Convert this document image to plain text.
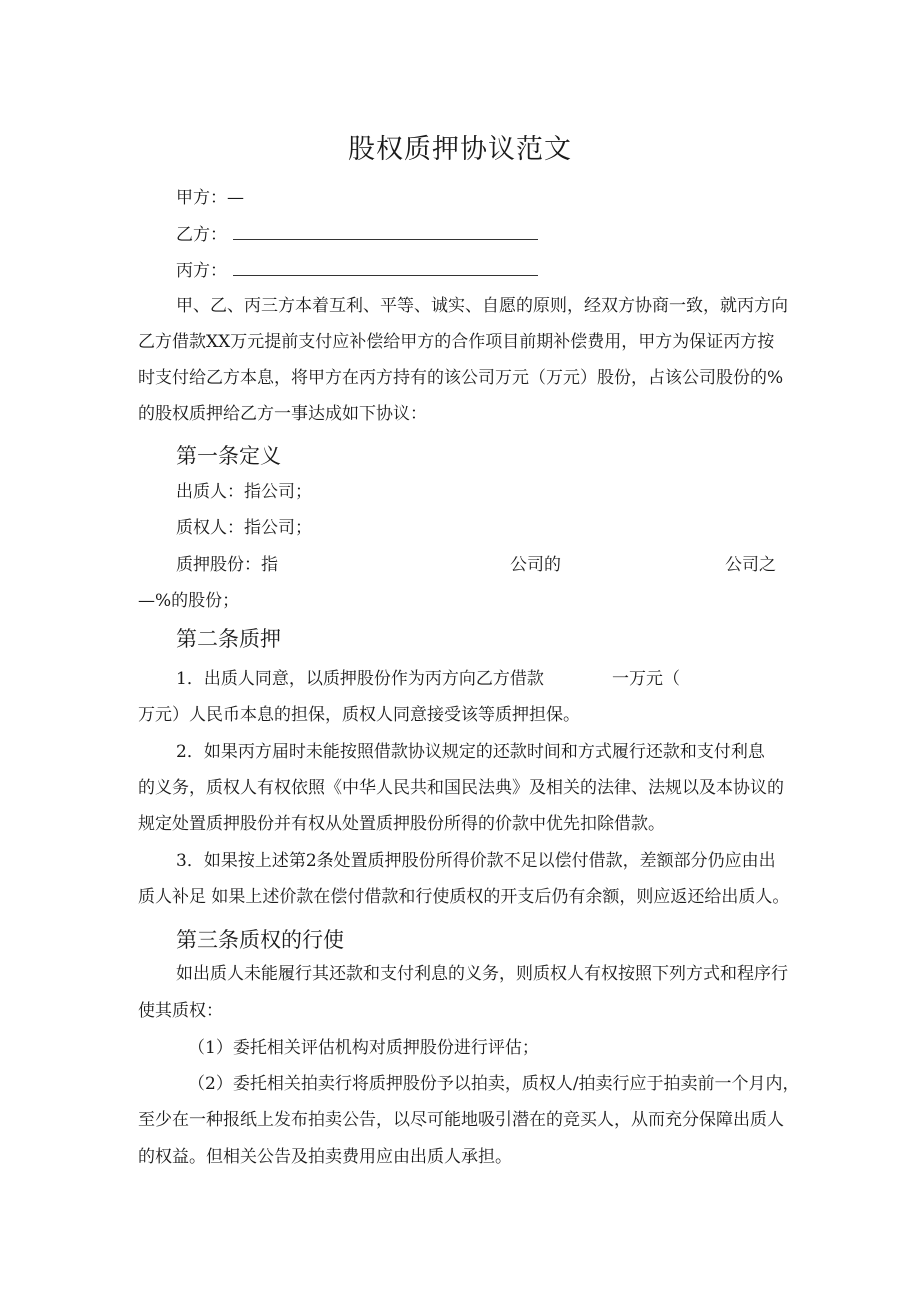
股权质押协议范文
甲方：—
乙方：
丙方：
甲、乙、丙三方本着互利、平等、诚实、自愿的原则，经双方协商一致，就丙方向
乙方借款XX万元提前支付应补偿给甲方的合作项目前期补偿费用，甲方为保证丙方按
时支付给乙方本息，将甲方在丙方持有的该公司万元（万元）股份，占该公司股份的%
的股权质押给乙方一事达成如下协议：
第一条定义
出质人：指公司；
质权人：指公司；
质押股份：指	公司的	公司之
—%的股份；
第二条质押
1．出质人同意，以质押股份作为丙方向乙方借款	一万元（
万元）人民币本息的担保，质权人同意接受该等质押担保。
2．如果丙方届时未能按照借款协议规定的还款时间和方式履行还款和支付利息
的义务，质权人有权依照《中华人民共和国民法典》及相关的法律、法规以及本协议的
规定处置质押股份并有权从处置质押股份所得的价款中优先扣除借款。
3．如果按上述第2条处置质押股份所得价款不足以偿付借款，差额部分仍应由出
质人补足 如果上述价款在偿付借款和行使质权的开支后仍有余额，则应返还给出质人。
第三条质权的行使
如出质人未能履行其还款和支付利息的义务，则质权人有权按照下列方式和程序行
使其质权：
（1）委托相关评估机构对质押股份进行评估；
（2）委托相关拍卖行将质押股份予以拍卖，质权人/拍卖行应于拍卖前一个月内，
至少在一种报纸上发布拍卖公告，以尽可能地吸引潜在的竞买人，从而充分保障出质人
的权益。但相关公告及拍卖费用应由出质人承担。
